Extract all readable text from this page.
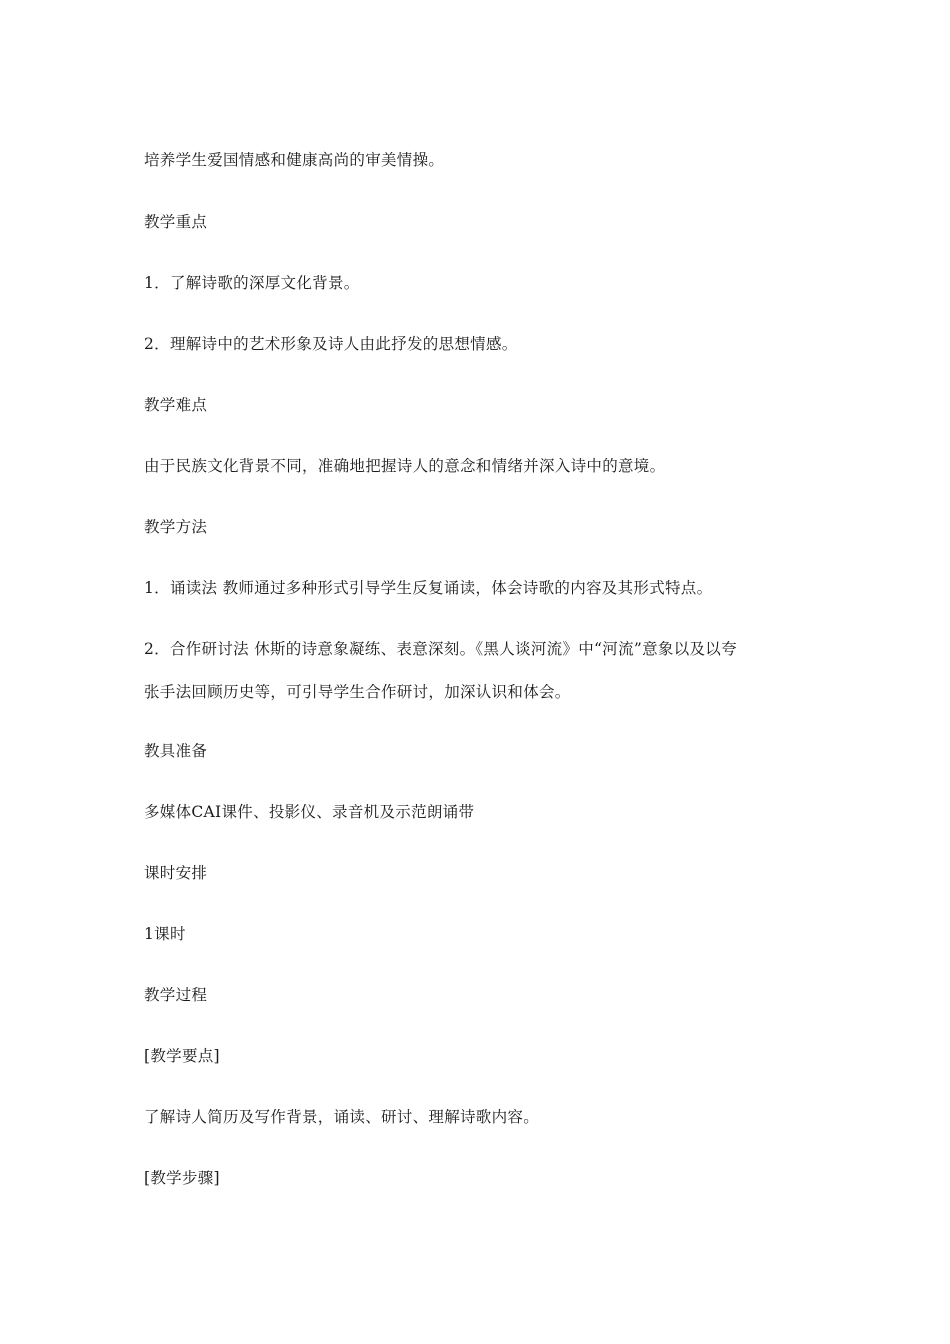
培养学生爱国情感和健康高尚的审美情操。
教学重点
1．了解诗歌的深厚文化背景。
2．理解诗中的艺术形象及诗人由此抒发的思想情感。
教学难点
由于民族文化背景不同，准确地把握诗人的意念和情绪并深入诗中的意境。
教学方法
1．诵读法 教师通过多种形式引导学生反复诵读，体会诗歌的内容及其形式特点。
2．合作研讨法 休斯的诗意象凝练、表意深刻。《黑人谈河流》中“河流”意象以及以夸
张手法回顾历史等，可引导学生合作研讨，加深认识和体会。
教具准备
多媒体CAI课件、投影仪、录音机及示范朗诵带
课时安排
1课时
教学过程
[教学要点]
了解诗人简历及写作背景，诵读、研讨、理解诗歌内容。
[教学步骤]
